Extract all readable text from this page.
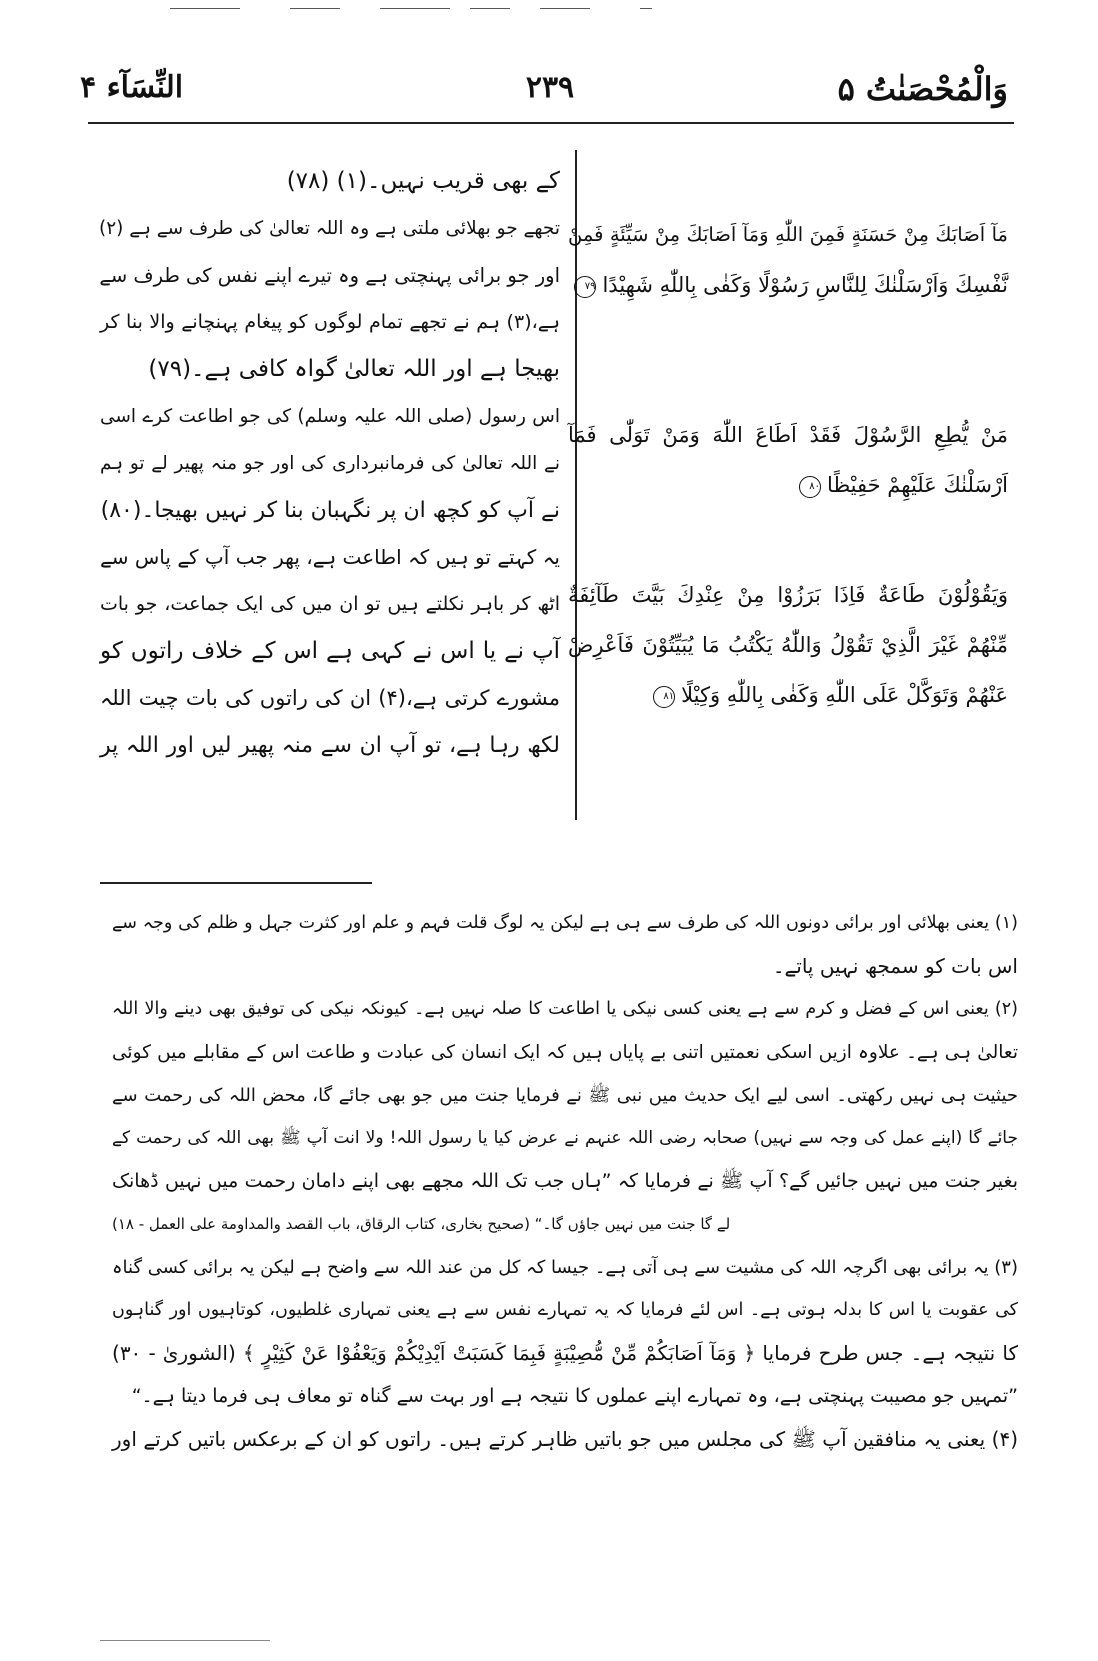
وَالْمُحْصَنٰتُ ۵
۲۳۹
النِّسَآء ۴
کے بھی قریب نہیں۔(۱) (۷۸)
تجھے جو بھلائی ملتی ہے وہ اللہ تعالیٰ کی طرف سے ہے (۲)
اور جو برائی پہنچتی ہے وہ تیرے اپنے نفس کی طرف سے
ہے،(۳) ہم نے تجھے تمام لوگوں کو پیغام پہنچانے والا بنا کر
بھیجا ہے اور اللہ تعالیٰ گواہ کافی ہے۔(۷۹)
اس رسول (صلی اللہ علیہ وسلم) کی جو اطاعت کرے اسی
نے اللہ تعالیٰ کی فرمانبرداری کی اور جو منہ پھیر لے تو ہم
نے آپ کو کچھ ان پر نگہبان بنا کر نہیں بھیجا۔(۸۰)
یہ کہتے تو ہیں کہ اطاعت ہے، پھر جب آپ کے پاس سے
اٹھ کر باہر نکلتے ہیں تو ان میں کی ایک جماعت، جو بات
آپ نے یا اس نے کہی ہے اس کے خلاف راتوں کو
مشورے کرتی ہے،(۴) ان کی راتوں کی بات چیت اللہ
لکھ رہا ہے، تو آپ ان سے منہ پھیر لیں اور اللہ پر
مَآ اَصَابَكَ مِنْ حَسَنَةٍ فَمِنَ اللّٰهِ وَمَآ اَصَابَكَ مِنْ سَيِّئَةٍ فَمِنْ
نَّفْسِكَ وَاَرْسَلْنٰكَ لِلنَّاسِ رَسُوْلًا وَكَفٰى بِاللّٰهِ شَهِيْدًا۷۹
مَنْ يُّطِعِ الرَّسُوْلَ فَقَدْ اَطَاعَ اللّٰهَ وَمَنْ تَوَلّٰى فَمَآ
اَرْسَلْنٰكَ عَلَيْهِمْ حَفِيْظًا۸۰
وَيَقُوْلُوْنَ طَاعَةٌ فَاِذَا بَرَزُوْا مِنْ عِنْدِكَ بَيَّتَ طَآئِفَةٌ
مِّنْهُمْ غَيْرَ الَّذِيْ تَقُوْلُ وَاللّٰهُ يَكْتُبُ مَا يُبَيِّتُوْنَ فَاَعْرِضْ
عَنْهُمْ وَتَوَكَّلْ عَلَى اللّٰهِ وَكَفٰى بِاللّٰهِ وَكِيْلًا۸۱
(۱) یعنی بھلائی اور برائی دونوں اللہ کی طرف سے ہی ہے لیکن یہ لوگ قلت فہم و علم اور کثرت جہل و ظلم کی وجہ سے
اس بات کو سمجھ نہیں پاتے۔
(۲) یعنی اس کے فضل و کرم سے ہے یعنی کسی نیکی یا اطاعت کا صلہ نہیں ہے۔ کیونکہ نیکی کی توفیق بھی دینے والا اللہ
تعالیٰ ہی ہے۔ علاوہ ازیں اسکی نعمتیں اتنی بے پایاں ہیں کہ ایک انسان کی عبادت و طاعت اس کے مقابلے میں کوئی
حیثیت ہی نہیں رکھتی۔ اسی لیے ایک حدیث میں نبی ﷺ نے فرمایا جنت میں جو بھی جائے گا، محض اللہ کی رحمت سے
جائے گا (اپنے عمل کی وجہ سے نہیں) صحابہ رضی اللہ عنہم نے عرض کیا یا رسول اللہ! ولا انت آپ ﷺ بھی اللہ کی رحمت کے
بغیر جنت میں نہیں جائیں گے؟ آپ ﷺ نے فرمایا کہ ”ہاں جب تک اللہ مجھے بھی اپنے دامان رحمت میں نہیں ڈھانک
لے گا جنت میں نہیں جاؤں گا۔“ (صحیح بخاری، کتاب الرقاق، باب القصد والمداومة على العمل - ۱۸)
(۳) یہ برائی بھی اگرچہ اللہ کی مشیت سے ہی آتی ہے۔ جیسا کہ کل من عند اللہ سے واضح ہے لیکن یہ برائی کسی گناہ
کی عقوبت یا اس کا بدلہ ہوتی ہے۔ اس لئے فرمایا کہ یہ تمہارے نفس سے ہے یعنی تمہاری غلطیوں، کوتاہیوں اور گناہوں
کا نتیجہ ہے۔ جس طرح فرمایا ﴿ وَمَآ اَصَابَكُمْ مِّنْ مُّصِيْبَةٍ فَبِمَا كَسَبَتْ اَيْدِيْكُمْ وَيَعْفُوْا عَنْ كَثِيْرٍ ﴾ (الشوریٰ - ۳۰)
”تمہیں جو مصیبت پہنچتی ہے، وہ تمہارے اپنے عملوں کا نتیجہ ہے اور بہت سے گناہ تو معاف ہی فرما دیتا ہے۔“
(۴) یعنی یہ منافقین آپ ﷺ کی مجلس میں جو باتیں ظاہر کرتے ہیں۔ راتوں کو ان کے برعکس باتیں کرتے اور
